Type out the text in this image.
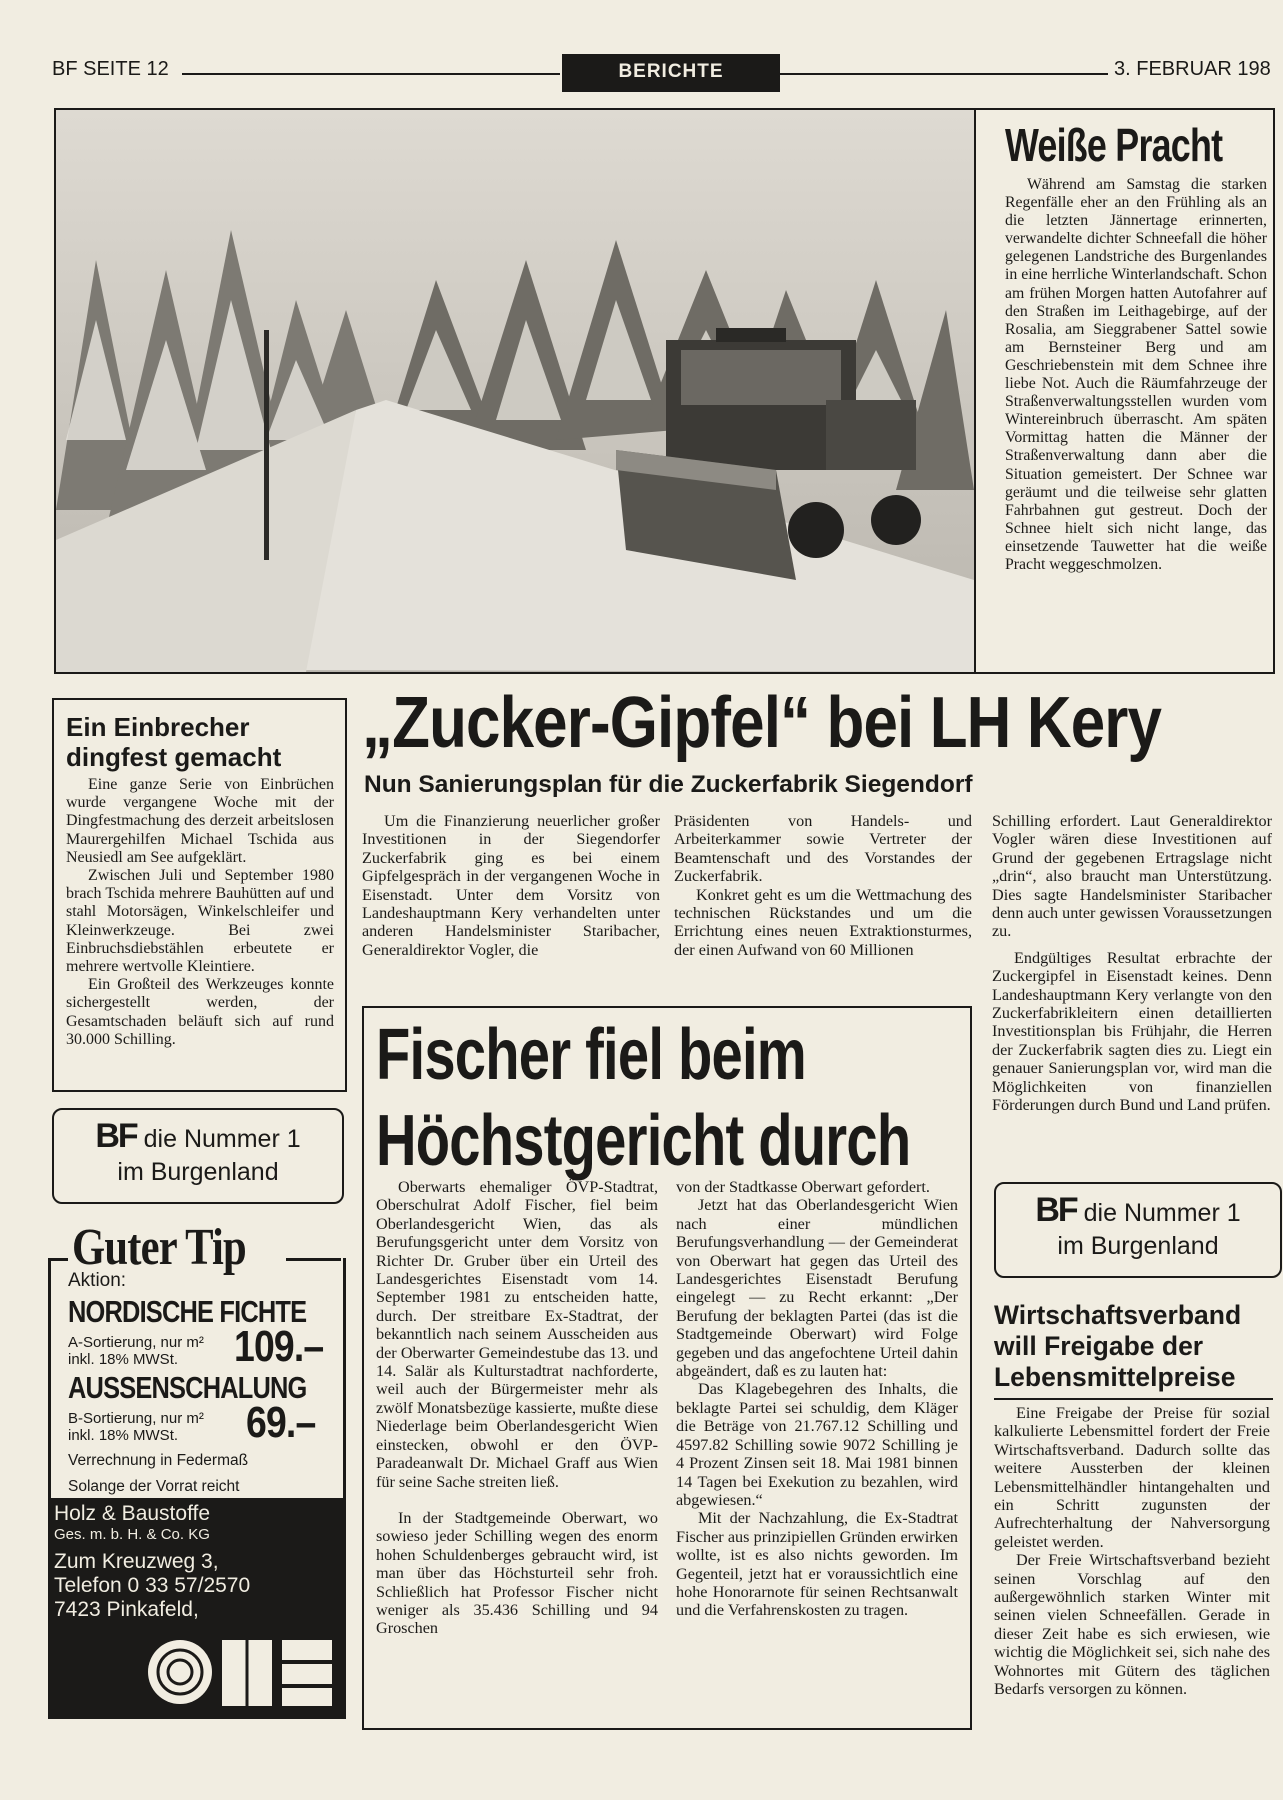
BF SEITE 12	BERICHTE	3. FEBRUAR 198
Weiße Pracht

Während am Samstag die starken Regenfälle eher an den Frühling als an die letzten Jännertage erinnerten, verwandelte dichter Schneefall die höher gelegenen Landstriche des Burgenlandes in eine herrliche Winterlandschaft. Schon am frühen Morgen hatten Autofahrer auf den Straßen im Leithagebirge, auf der Rosalia, am Sieggrabener Sattel sowie am Bernsteiner Berg und am Geschriebenstein mit dem Schnee ihre liebe Not. Auch die Räumfahrzeuge der Straßenverwaltungsstellen wurden vom Wintereinbruch überrascht. Am späten Vormittag hatten die Männer der Straßenverwaltung dann aber die Situation gemeistert. Der Schnee war geräumt und die teilweise sehr glatten Fahrbahnen gut gestreut. Doch der Schnee hielt sich nicht lange, das einsetzende Tauwetter hat die weiße Pracht weggeschmolzen.

Ein Einbrecher
dingfest gemacht

Eine ganze Serie von Einbrüchen wurde vergangene Woche mit der Dingfestmachung des derzeit arbeitslosen Maurergehilfen Michael Tschida aus Neusiedl am See aufgeklärt.

Zwischen Juli und September 1980 brach Tschida mehrere Bauhütten auf und stahl Motorsägen, Winkelschleifer und Kleinwerkzeuge. Bei zwei Einbruchsdiebstählen erbeutete er mehrere wertvolle Kleintiere.

Ein Großteil des Werkzeuges konnte sichergestellt werden, der Gesamtschaden beläuft sich auf rund 30.000 Schilling.

BF die Nummer 1
im Burgenland
Guter Tip
Aktion:
NORDISCHE FICHTE
A-Sortierung, nur m²
inkl. 18% MWSt.	109.–
AUSSENSCHALUNG
B-Sortierung, nur m²
inkl. 18% MWSt.	69.–
Verrechnung in Federmaß
Solange der Vorrat reicht
Holz & Baustoffe
Ges. m. b. H. & Co. KG
Zum Kreuzweg 3,
Telefon 0 33 57/2570
7423 Pinkafeld,
„Zucker-Gipfel“ bei LH Kery
Nun Sanierungsplan für die Zuckerfabrik Siegendorf

Um die Finanzierung neuerlicher großer Investitionen in der Siegendorfer Zuckerfabrik ging es bei einem Gipfelgespräch in der vergangenen Woche in Eisenstadt. Unter dem Vorsitz von Landeshauptmann Kery verhandelten unter anderen Handelsminister Staribacher, Generaldirektor Vogler, die

Präsidenten von Handels- und Arbeiterkammer sowie Vertreter der Beamtenschaft und des Vorstandes der Zuckerfabrik.

Konkret geht es um die Wettmachung des technischen Rückstandes und um die Errichtung eines neuen Extraktionsturmes, der einen Aufwand von 60 Millionen

Schilling erfordert. Laut Generaldirektor Vogler wären diese Investitionen auf Grund der gegebenen Ertragslage nicht „drin“, also braucht man Unterstützung. Dies sagte Handelsminister Staribacher denn auch unter gewissen Voraussetzungen zu.

Endgültiges Resultat erbrachte der Zuckergipfel in Eisenstadt keines. Denn Landeshauptmann Kery verlangte von den Zuckerfabrikleitern einen detaillierten Investitionsplan bis Frühjahr, die Herren der Zuckerfabrik sagten dies zu. Liegt ein genauer Sanierungsplan vor, wird man die Möglichkeiten von finanziellen Förderungen durch Bund und Land prüfen.

BF die Nummer 1
im Burgenland
Fischer fiel beim
Höchstgericht durch

Oberwarts ehemaliger ÖVP-Stadtrat, Oberschulrat Adolf Fischer, fiel beim Oberlandesgericht Wien, das als Berufungsgericht unter dem Vorsitz von Richter Dr. Gruber über ein Urteil des Landesgerichtes Eisenstadt vom 14. September 1981 zu entscheiden hatte, durch. Der streitbare Ex-Stadtrat, der bekanntlich nach seinem Ausscheiden aus der Oberwarter Gemeindestube das 13. und 14. Salär als Kulturstadtrat nachforderte, weil auch der Bürgermeister mehr als zwölf Monatsbezüge kassierte, mußte diese Niederlage beim Oberlandesgericht Wien einstecken, obwohl er den ÖVP-Paradeanwalt Dr. Michael Graff aus Wien für seine Sache streiten ließ.

In der Stadtgemeinde Oberwart, wo sowieso jeder Schilling wegen des enorm hohen Schuldenberges gebraucht wird, ist man über das Höchsturteil sehr froh. Schließlich hat Professor Fischer nicht weniger als 35.436 Schilling und 94 Groschen

von der Stadtkasse Oberwart gefordert.

Jetzt hat das Oberlandesgericht Wien nach einer mündlichen Berufungsverhandlung — der Gemeinderat von Oberwart hat gegen das Urteil des Landesgerichtes Eisenstadt Berufung eingelegt — zu Recht erkannt: „Der Berufung der beklagten Partei (das ist die Stadtgemeinde Oberwart) wird Folge gegeben und das angefochtene Urteil dahin abgeändert, daß es zu lauten hat:

Das Klagebegehren des Inhalts, die beklagte Partei sei schuldig, dem Kläger die Beträge von 21.767.12 Schilling und 4597.82 Schilling sowie 9072 Schilling je 4 Prozent Zinsen seit 18. Mai 1981 binnen 14 Tagen bei Exekution zu bezahlen, wird abgewiesen.“

Mit der Nachzahlung, die Ex-Stadtrat Fischer aus prinzipiellen Gründen erwirken wollte, ist es also nichts geworden. Im Gegenteil, jetzt hat er voraussichtlich eine hohe Honorarnote für seinen Rechtsanwalt und die Verfahrenskosten zu tragen.

Wirtschaftsverband
will Freigabe der
Lebensmittelpreise

Eine Freigabe der Preise für sozial kalkulierte Lebensmittel fordert der Freie Wirtschaftsverband. Dadurch sollte das weitere Aussterben der kleinen Lebensmittelhändler hintangehalten und ein Schritt zugunsten der Aufrechterhaltung der Nahversorgung geleistet werden.

Der Freie Wirtschaftsverband bezieht seinen Vorschlag auf den außergewöhnlich starken Winter mit seinen vielen Schneefällen. Gerade in dieser Zeit habe es sich erwiesen, wie wichtig die Möglichkeit sei, sich nahe des Wohnortes mit Gütern des täglichen Bedarfs versorgen zu können.
